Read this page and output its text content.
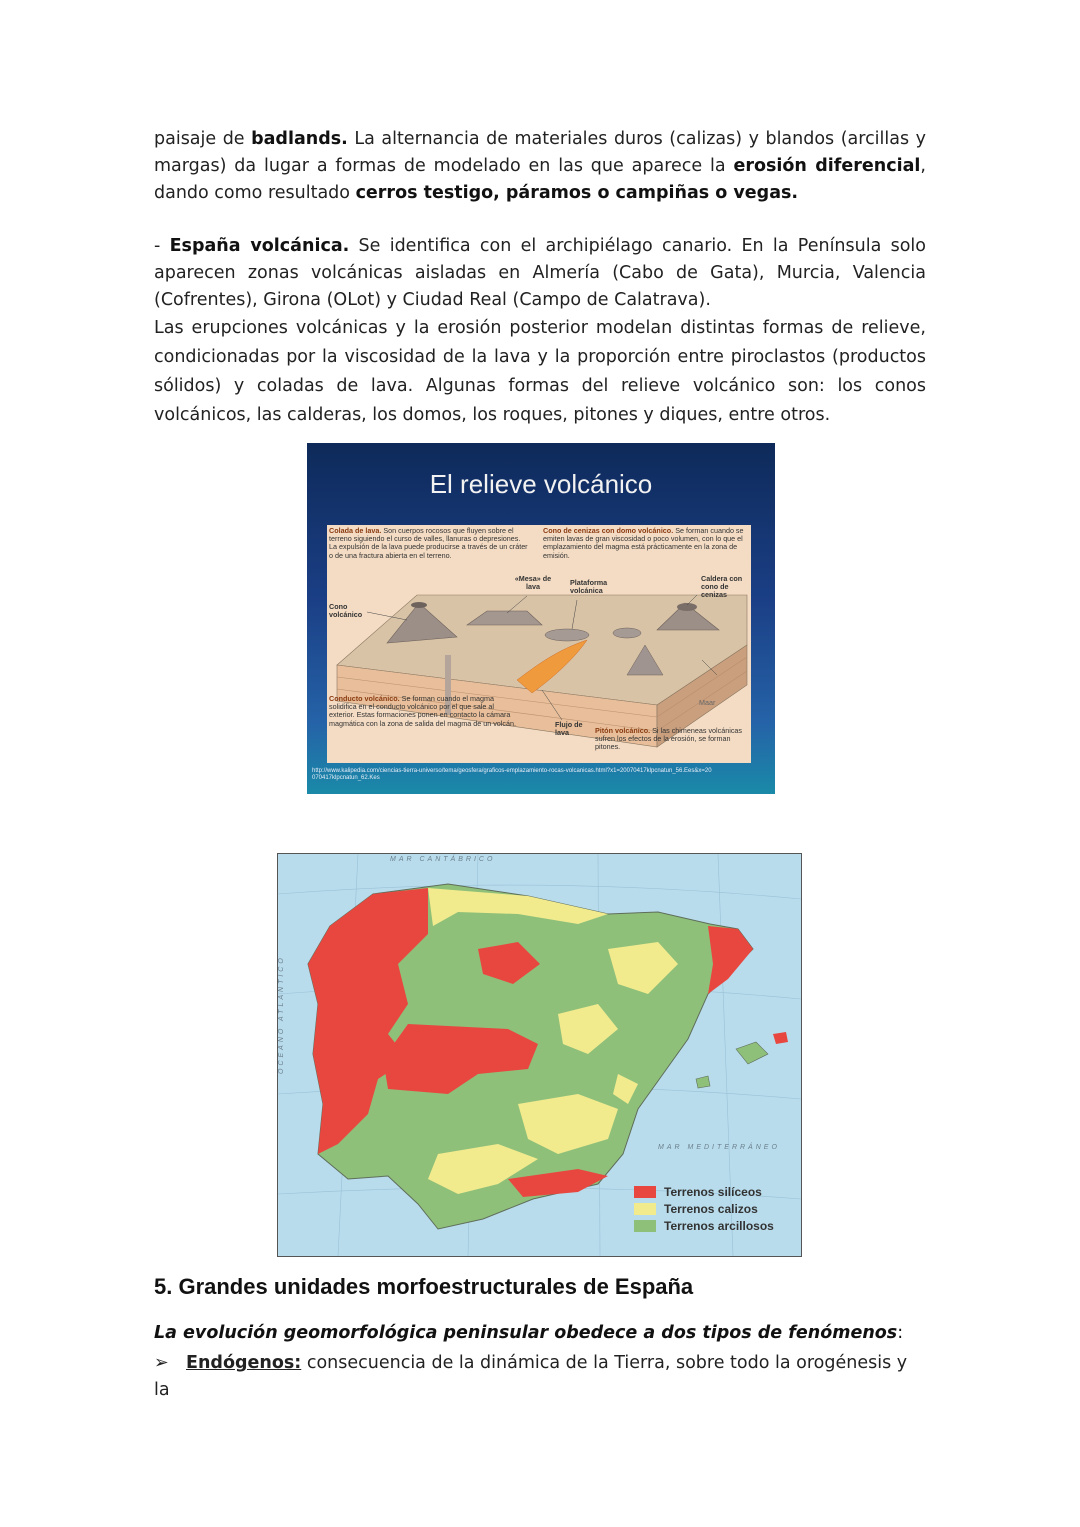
paisaje de badlands. La alternancia de materiales duros (calizas) y blandos (arcillas y margas) da lugar a formas de modelado en las que aparece la erosión diferencial, dando como resultado cerros testigo, páramos o campiñas o vegas.

- España volcánica. Se identifica con el archipiélago canario. En la Península solo aparecen zonas volcánicas aisladas en Almería (Cabo de Gata), Murcia, Valencia (Cofrentes), Girona (OLot) y Ciudad Real (Campo de Calatrava).

Las erupciones volcánicas y la erosión posterior modelan distintas formas de relieve, condicionadas por la viscosidad de la lava y la proporción entre piroclastos (productos sólidos) y coladas de lava. Algunas formas del relieve volcánico son: los conos volcánicos, las calderas, los domos, los roques, pitones y diques, entre otros.

El relieve volcánico
Colada de lava. Son cuerpos rocosos que fluyen sobre el terreno siguiendo el curso de valles, llanuras o depresiones. La expulsión de la lava puede producirse a través de un cráter o de una fractura abierta en el terreno.
Cono de cenizas con domo volcánico. Se forman cuando se emiten lavas de gran viscosidad o poco volumen, con lo que el emplazamiento del magma está prácticamente en la zona de emisión.
«Mesa» de lava	Plataforma volcánica
Caldera con cono de cenizas
Cono volcánico
Conducto volcánico. Se forman cuando el magma solidifica en el conducto volcánico por el que sale al exterior. Estas formaciones ponen en contacto la cámara magmática con la zona de salida del magma de un volcán.	Flujo de lava	Pitón volcánico. Si las chimeneas volcánicas sufren los efectos de la erosión, se forman pitones.
Maar
http://www.kalipedia.com/ciencias-tierra-universo/tema/geosfera/graficos-emplazamiento-rocas-volcanicas.html?x1=20070417klpcnatun_56.Ees&x=20070417klpcnatun_62.Kes
MAR CANTÁBRICO
OCÉANO ATLÁNTICO
MAR MEDITERRÁNEO
Terrenos silíceos
Terrenos calizos
Terrenos arcillosos
5. Grandes unidades morfoestructurales de España

La evolución geomorfológica peninsular obedece a dos tipos de fenómenos:

➢ Endógenos: consecuencia de la dinámica de la Tierra, sobre todo la orogénesis y la
